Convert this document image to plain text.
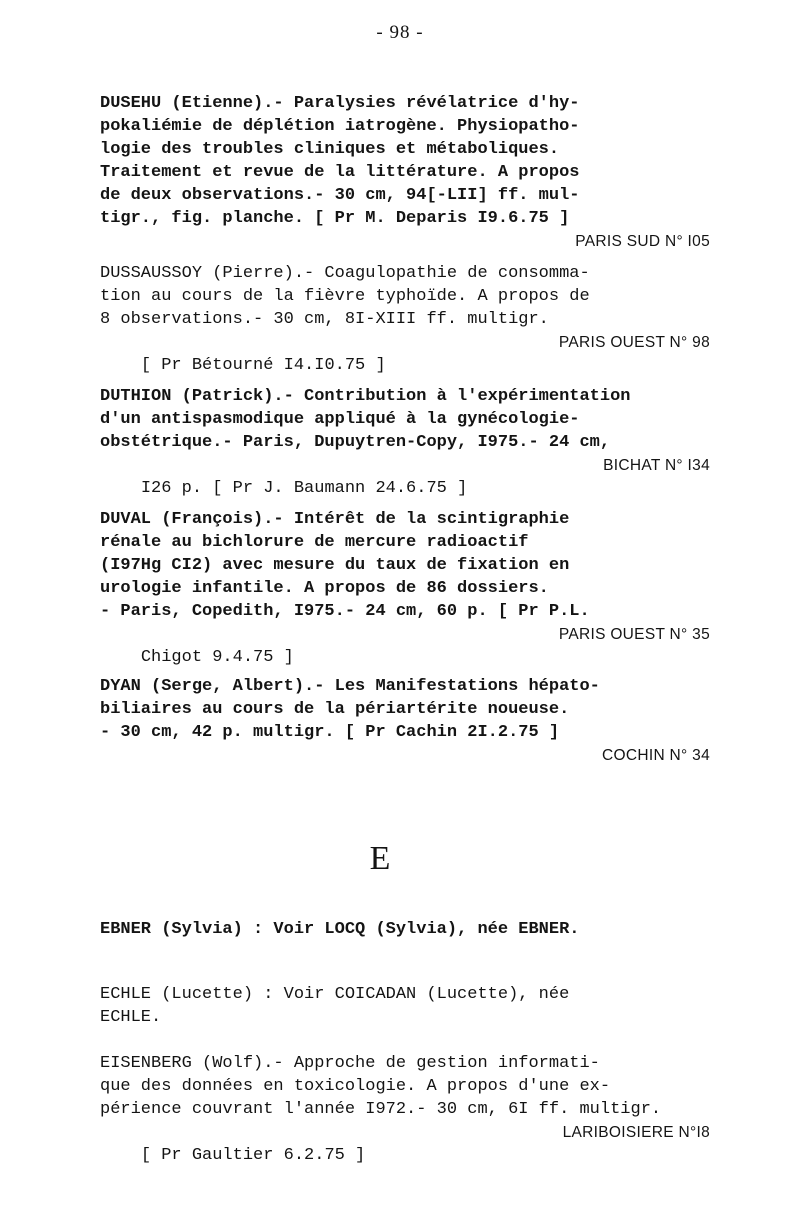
- 98 -
DUSEHU (Etienne).- Paralysies révélatrice d'hy-
pokaliémie de déplétion iatrogène. Physiopatho-
logie des troubles cliniques et métaboliques.
Traitement et revue de la littérature. A propos
de deux observations.- 30 cm, 94[-LII] ff. mul-
tigr., fig. planche. [ Pr M. Deparis I9.6.75 ]

PARIS SUD N° I05

DUSSAUSSOY (Pierre).- Coagulopathie de consomma-
tion au cours de la fièvre typhoïde. A propos de
8 observations.- 30 cm, 8I-XIII ff. multigr.

[ Pr Bétourné I4.I0.75 ]

PARIS OUEST N° 98

DUTHION (Patrick).- Contribution à l'expérimentation
d'un antispasmodique appliqué à la gynécologie-
obstétrique.- Paris, Dupuytren-Copy, I975.- 24 cm,

I26 p. [ Pr J. Baumann 24.6.75 ]

BICHAT N° I34

DUVAL (François).- Intérêt de la scintigraphie
rénale au bichlorure de mercure radioactif
(I97Hg CI2) avec mesure du taux de fixation en
urologie infantile. A propos de 86 dossiers.
- Paris, Copedith, I975.- 24 cm, 60 p. [ Pr P.L.

Chigot 9.4.75 ]

PARIS OUEST N° 35

DYAN (Serge, Albert).- Les Manifestations hépato-
biliaires au cours de la périartérite noueuse.
- 30 cm, 42 p. multigr. [ Pr Cachin 2I.2.75 ]

COCHIN N° 34

E
EBNER (Sylvia) : Voir LOCQ (Sylvia), née EBNER.
ECHLE (Lucette) : Voir COICADAN (Lucette), née
ECHLE.
EISENBERG (Wolf).- Approche de gestion informati-
que des données en toxicologie. A propos d'une ex-
périence couvrant l'année I972.- 30 cm, 6I ff. multigr.

[ Pr Gaultier 6.2.75 ]

LARIBOISIERE N°I8
